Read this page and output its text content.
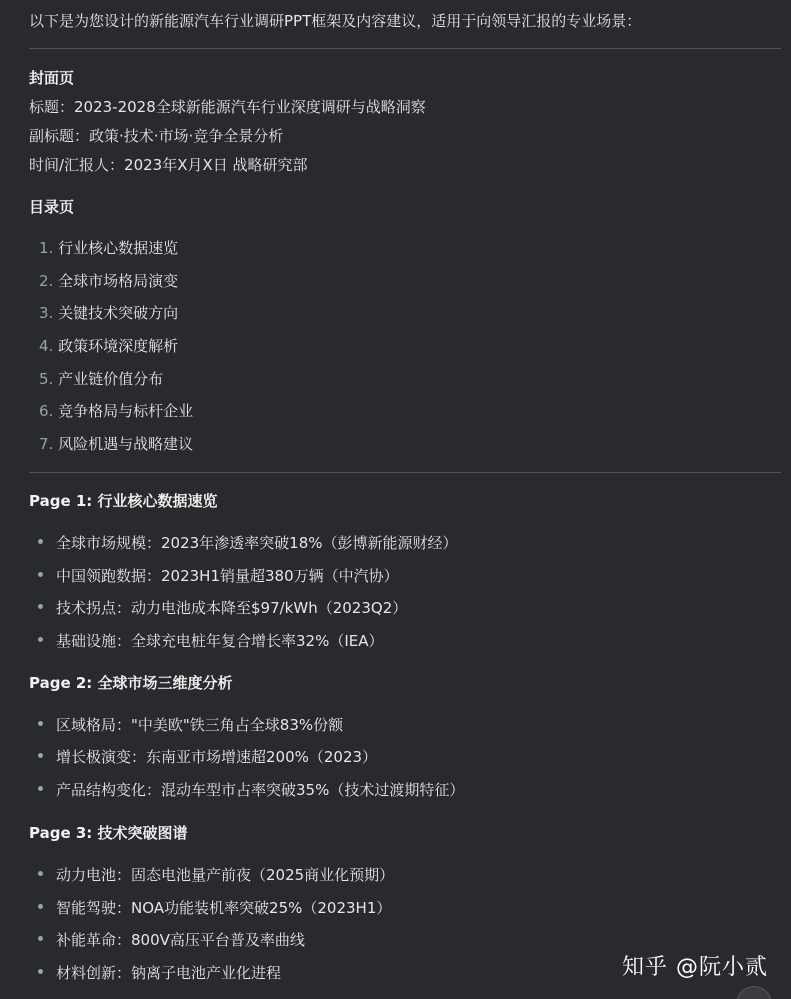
以下是为您设计的新能源汽车行业调研PPT框架及内容建议，适用于向领导汇报的专业场景：
封面页
标题：2023-2028全球新能源汽车行业深度调研与战略洞察
副标题：政策·技术·市场·竞争全景分析
时间/汇报人：2023年X月X日 战略研究部
目录页
1. 行业核心数据速览
2. 全球市场格局演变
3. 关键技术突破方向
4. 政策环境深度解析
5. 产业链价值分布
6. 竞争格局与标杆企业
7. 风险机遇与战略建议
Page 1: 行业核心数据速览
全球市场规模：2023年渗透率突破18%（彭博新能源财经）
中国领跑数据：2023H1销量超380万辆（中汽协）
技术拐点：动力电池成本降至$97/kWh（2023Q2）
基础设施：全球充电桩年复合增长率32%（IEA）
Page 2: 全球市场三维度分析
区域格局："中美欧"铁三角占全球83%份额
增长极演变：东南亚市场增速超200%（2023）
产品结构变化：混动车型市占率突破35%（技术过渡期特征）
Page 3: 技术突破图谱
动力电池：固态电池量产前夜（2025商业化预期）
智能驾驶：NOA功能装机率突破25%（2023H1）
补能革命：800V高压平台普及率曲线
材料创新：钠离子电池产业化进程	知乎 @阮小贰
